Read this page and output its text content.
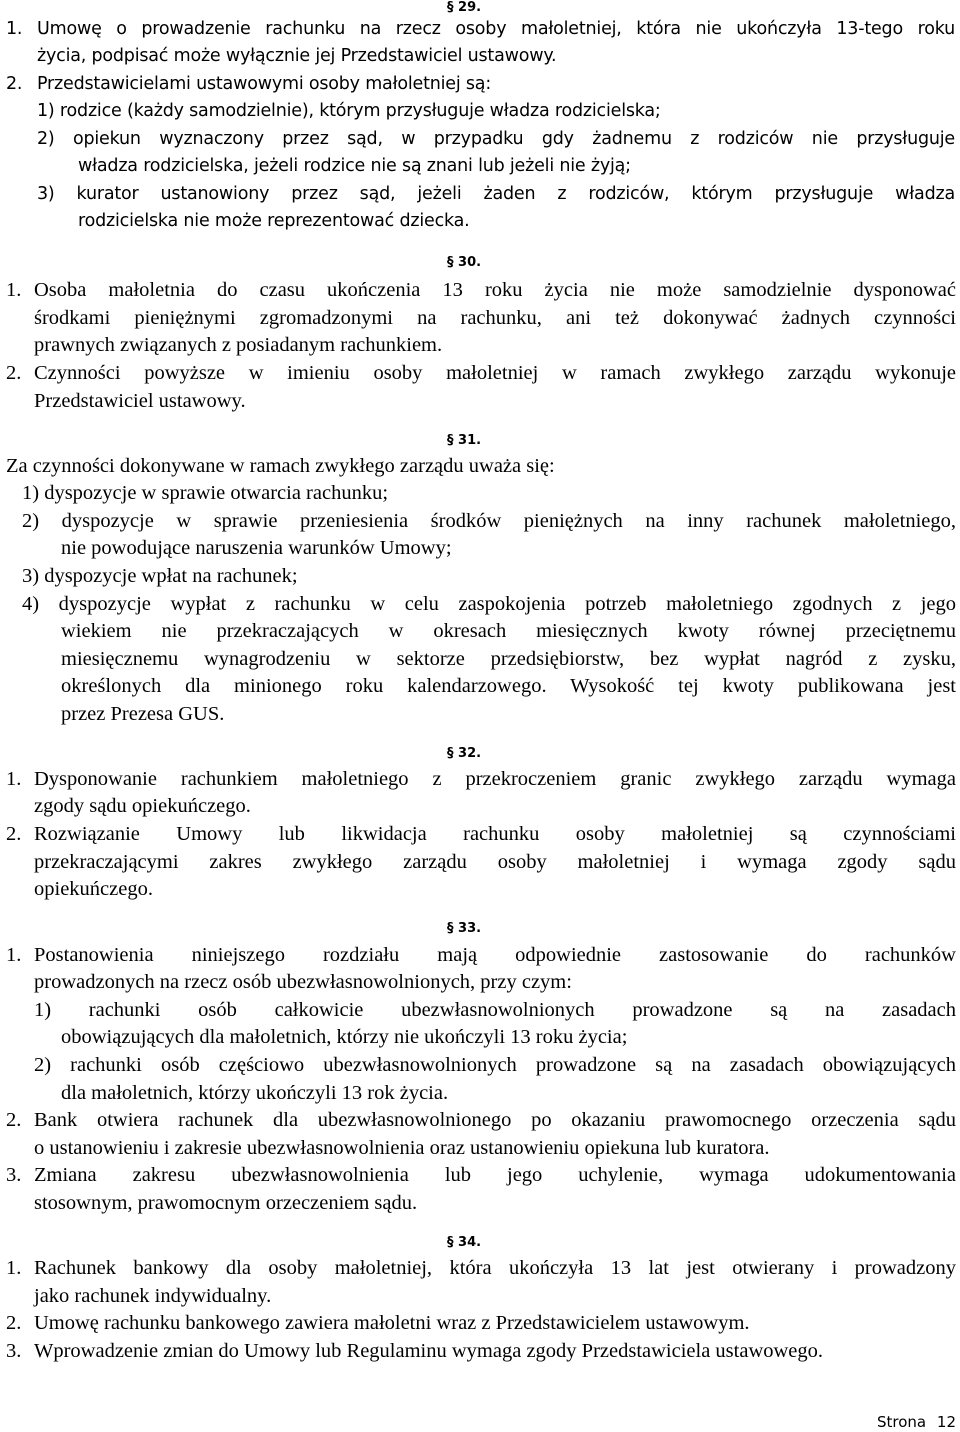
§ 29.
1. Umowę o prowadzenie rachunku na rzecz osoby małoletniej, która nie ukończyła 13-tego roku
życia, podpisać może wyłącznie jej Przedstawiciel ustawowy.
2. Przedstawicielami ustawowymi osoby małoletniej są:
1) rodzice (każdy samodzielnie), którym przysługuje władza rodzicielska;
2) opiekun wyznaczony przez sąd, w przypadku gdy żadnemu z rodziców nie przysługuje
władza rodzicielska, jeżeli rodzice nie są znani lub jeżeli nie żyją;
3) kurator ustanowiony przez sąd, jeżeli żaden z rodziców, którym przysługuje władza
rodzicielska nie może reprezentować dziecka.
§ 30.
1. Osoba małoletnia do czasu ukończenia 13 roku życia nie może samodzielnie dysponować
środkami pieniężnymi zgromadzonymi na rachunku, ani też dokonywać żadnych czynności
prawnych związanych z posiadanym rachunkiem.
2. Czynności powyższe w imieniu osoby małoletniej w ramach zwykłego zarządu wykonuje
Przedstawiciel ustawowy.
§ 31.
Za czynności dokonywane w ramach zwykłego zarządu uważa się:
1) dyspozycje w sprawie otwarcia rachunku;
2) dyspozycje w sprawie przeniesienia środków pieniężnych na inny rachunek małoletniego,
nie powodujące naruszenia warunków Umowy;
3) dyspozycje wpłat na rachunek;
4) dyspozycje wypłat z rachunku w celu zaspokojenia potrzeb małoletniego zgodnych z jego
wiekiem nie przekraczających w okresach miesięcznych kwoty równej przeciętnemu
miesięcznemu wynagrodzeniu w sektorze przedsiębiorstw, bez wypłat nagród z zysku,
określonych dla minionego roku kalendarzowego. Wysokość tej kwoty publikowana jest
przez Prezesa GUS.
§ 32.
1. Dysponowanie rachunkiem małoletniego z przekroczeniem granic zwykłego zarządu wymaga
zgody sądu opiekuńczego.
2. Rozwiązanie Umowy lub likwidacja rachunku osoby małoletniej są czynnościami
przekraczającymi zakres zwykłego zarządu osoby małoletniej i wymaga zgody sądu
opiekuńczego.
§ 33.
1. Postanowienia niniejszego rozdziału mają odpowiednie zastosowanie do rachunków
prowadzonych na rzecz osób ubezwłasnowolnionych, przy czym:
1) rachunki osób całkowicie ubezwłasnowolnionych prowadzone są na zasadach
obowiązujących dla małoletnich, którzy nie ukończyli 13 roku życia;
2) rachunki osób częściowo ubezwłasnowolnionych prowadzone są na zasadach obowiązujących
dla małoletnich, którzy ukończyli 13 rok życia.
2. Bank otwiera rachunek dla ubezwłasnowolnionego po okazaniu prawomocnego orzeczenia sądu
o ustanowieniu i zakresie ubezwłasnowolnienia oraz ustanowieniu opiekuna lub kuratora.
3. Zmiana zakresu ubezwłasnowolnienia lub jego uchylenie, wymaga udokumentowania
stosownym, prawomocnym orzeczeniem sądu.
§ 34.
1. Rachunek bankowy dla osoby małoletniej, która ukończyła 13 lat jest otwierany i prowadzony
jako rachunek indywidualny.
2. Umowę rachunku bankowego zawiera małoletni wraz z Przedstawicielem ustawowym.
3. Wprowadzenie zmian do Umowy lub Regulaminu wymaga zgody Przedstawiciela ustawowego.
Strona 12
